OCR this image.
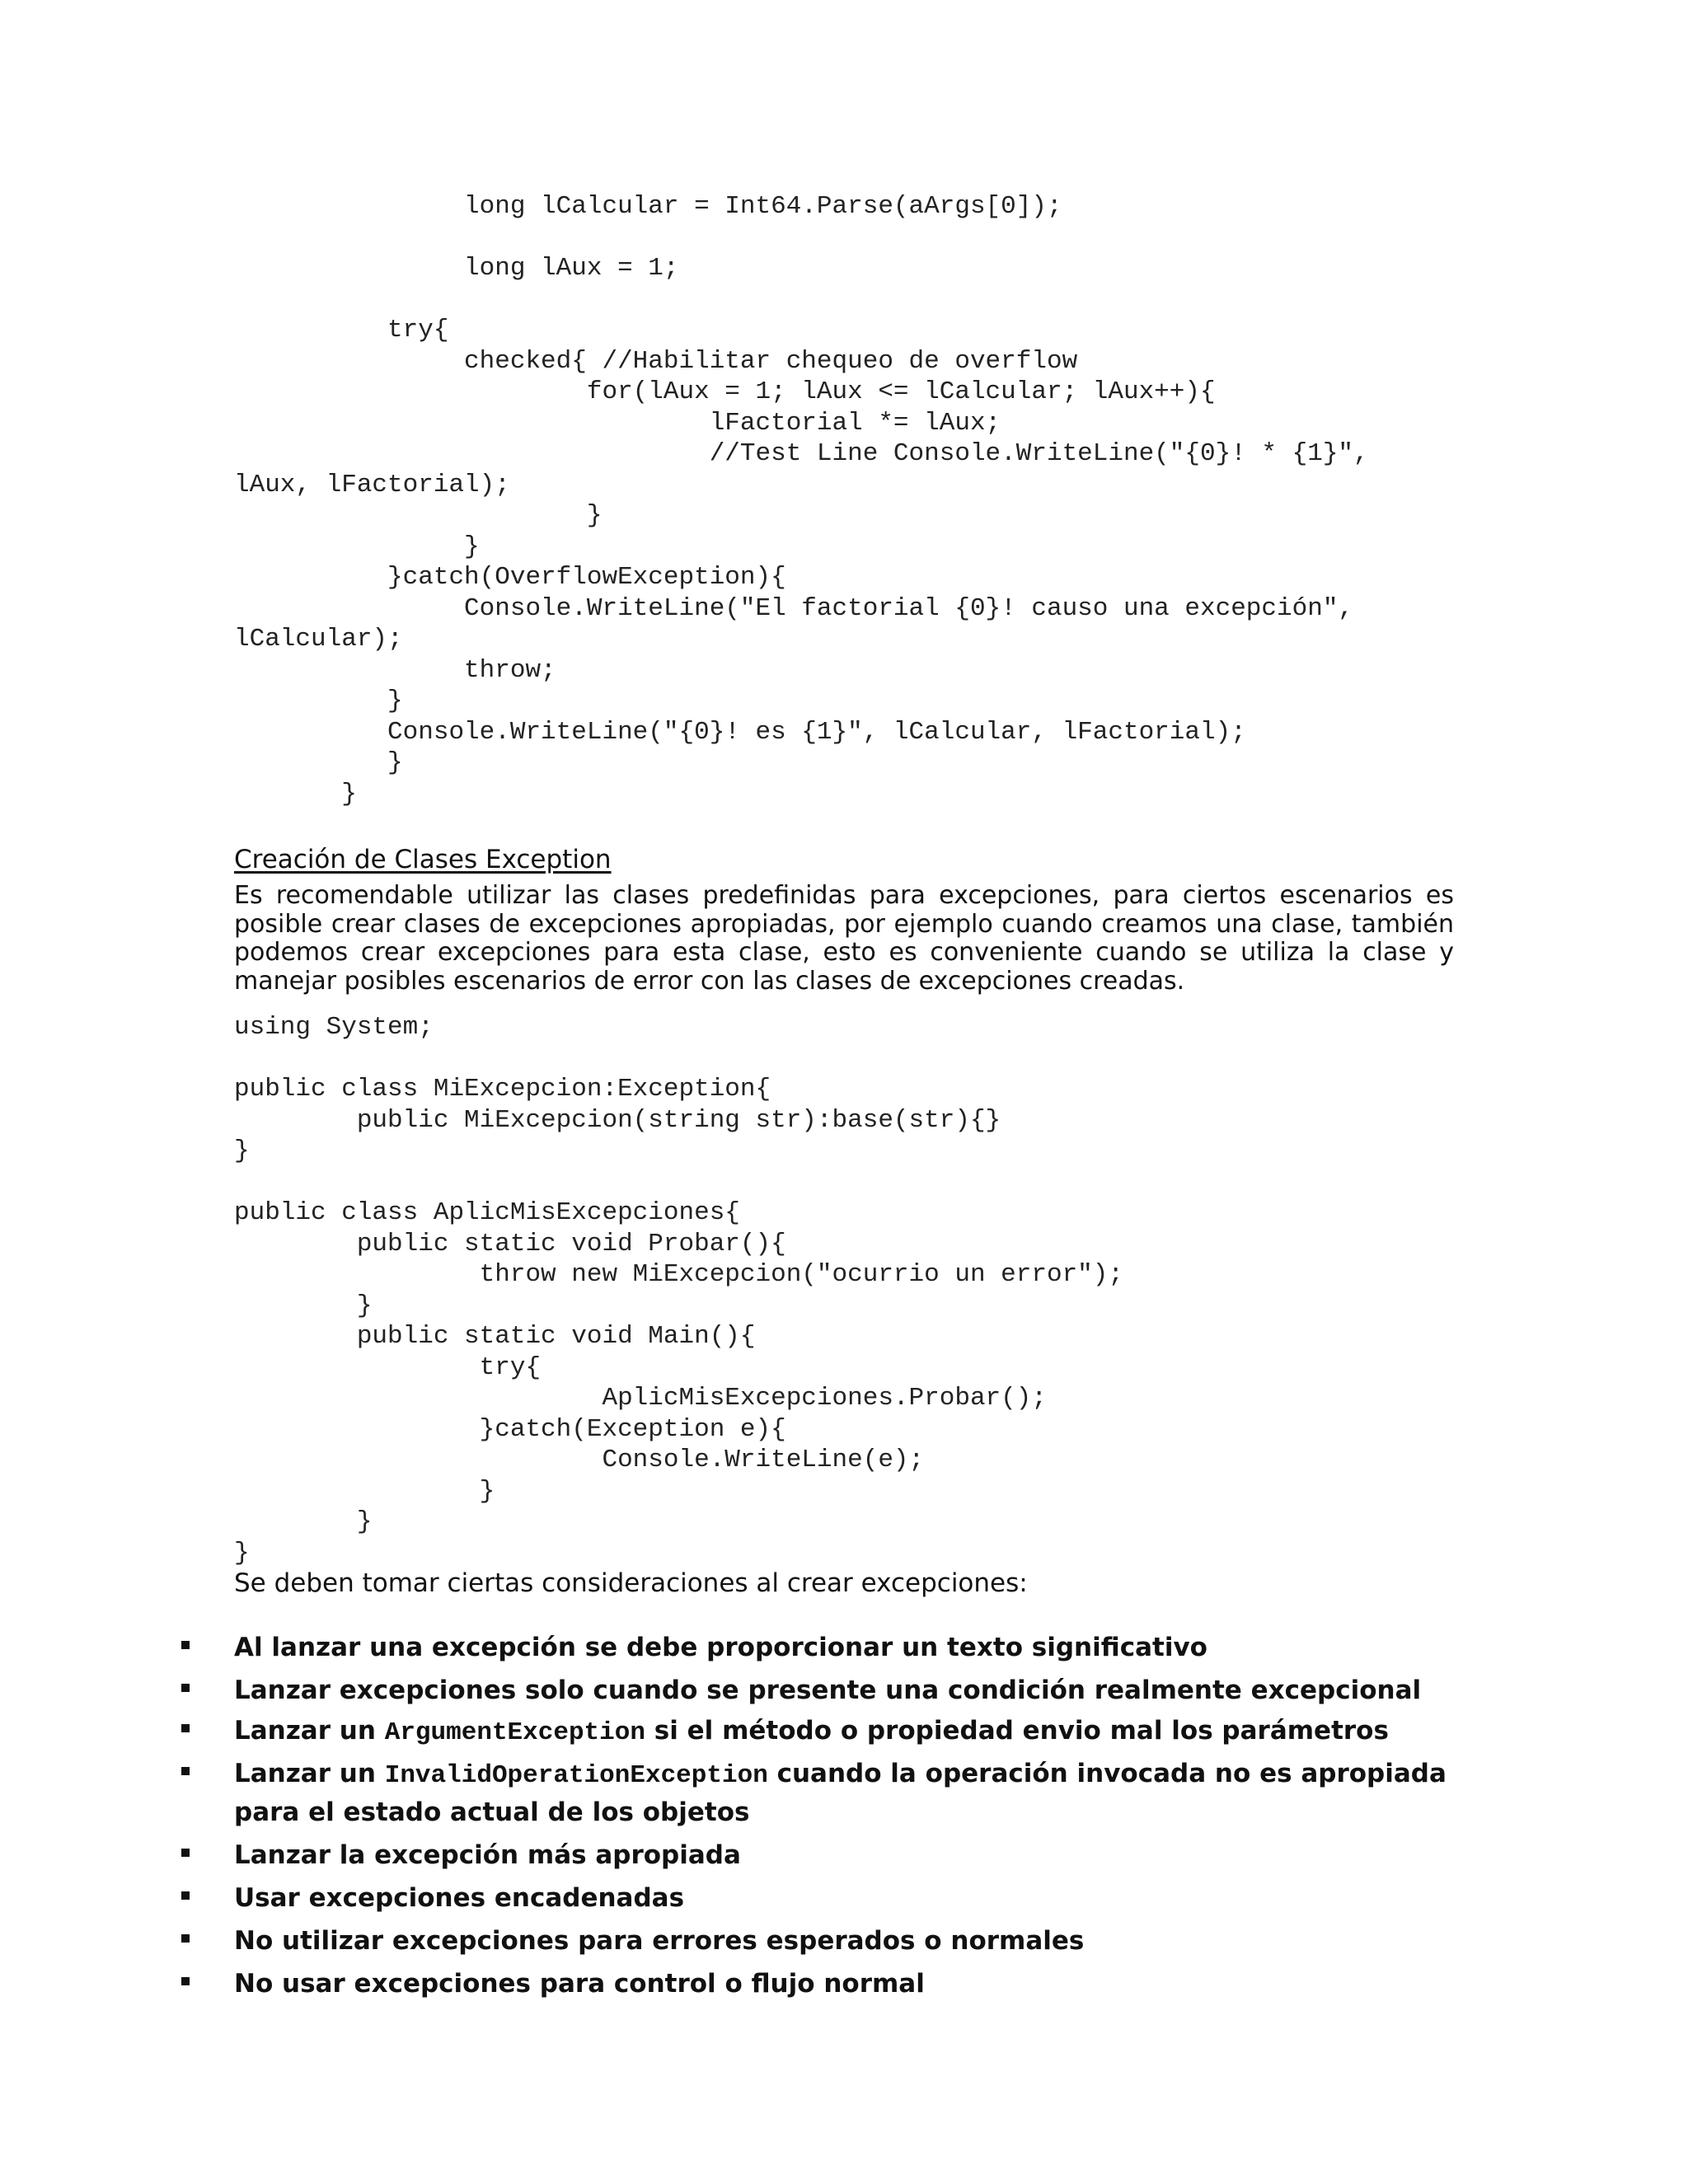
long lCalcular = Int64.Parse(aArgs[0]);

long lAux = 1;

try{
checked{ //Habilitar chequeo de overflow
for(lAux = 1; lAux <= lCalcular; lAux++){
lFactorial *= lAux;
//Test Line Console.WriteLine("{0}! * {1}",
lAux, lFactorial);
}
}
}catch(OverflowException){
Console.WriteLine("El factorial {0}! causo una excepción",
lCalcular);
throw;
}
Console.WriteLine("{0}! es {1}", lCalcular, lFactorial);
}
}
Creación de Clases Exception
Es recomendable utilizar las clases predefinidas para excepciones, para ciertos escenarios es
posible crear clases de excepciones apropiadas, por ejemplo cuando creamos una clase, también
podemos crear excepciones para esta clase, esto es conveniente cuando se utiliza la clase y
manejar posibles escenarios de error con las clases de excepciones creadas.
using System;

public class MiExcepcion:Exception{
public MiExcepcion(string str):base(str){}
}

public class AplicMisExcepciones{
public static void Probar(){
throw new MiExcepcion("ocurrio un error");
}
public static void Main(){
try{
AplicMisExcepciones.Probar();
}catch(Exception e){
Console.WriteLine(e);
}
}
}
Se deben tomar ciertas consideraciones al crear excepciones:
Al lanzar una excepción se debe proporcionar un texto significativo
Lanzar excepciones solo cuando se presente una condición realmente excepcional
Lanzar un ArgumentException si el método o propiedad envio mal los parámetros
Lanzar un InvalidOperationException cuando la operación invocada no es apropiada
para el estado actual de los objetos
Lanzar la excepción más apropiada
Usar excepciones encadenadas
No utilizar excepciones para errores esperados o normales
No usar excepciones para control o flujo normal
